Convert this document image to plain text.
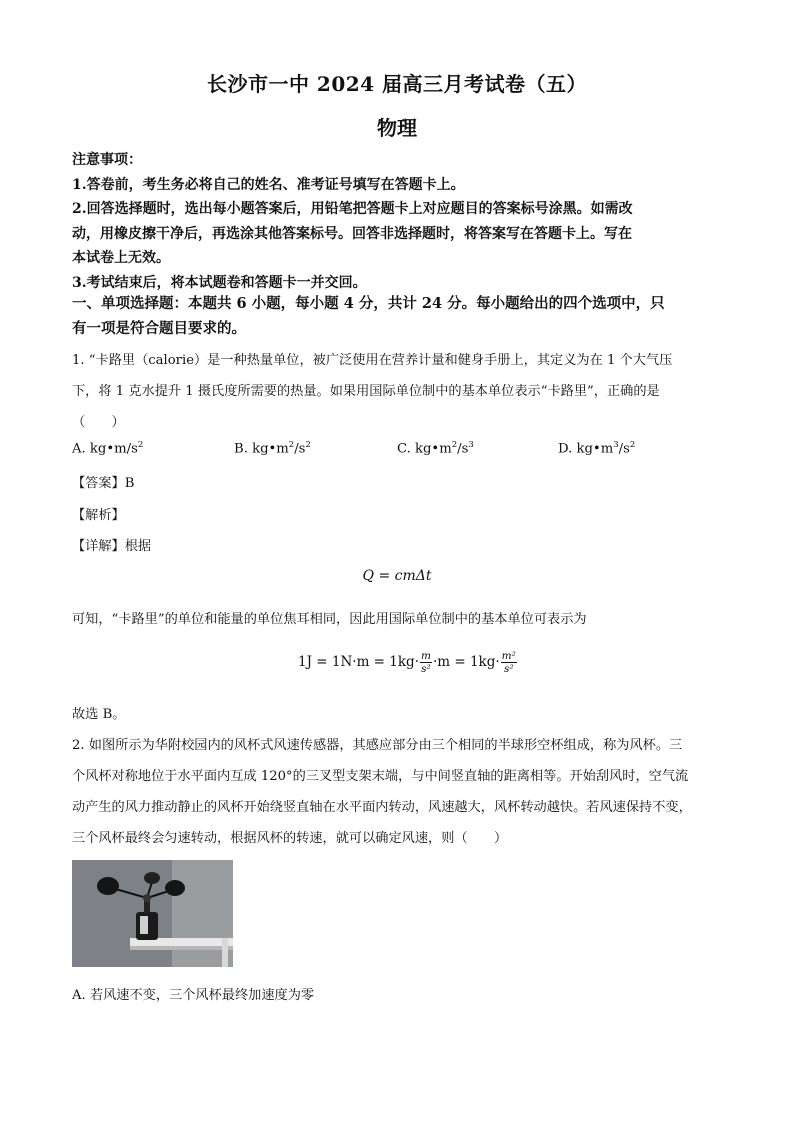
长沙市一中 2024 届高三月考试卷（五）
物理

注意事项：

1.答卷前，考生务必将自己的姓名、准考证号填写在答题卡上。

2.回答选择题时，选出每小题答案后，用铅笔把答题卡上对应题目的答案标号涂黑。如需改

动，用橡皮擦干净后，再选涂其他答案标号。回答非选择题时，将答案写在答题卡上。写在

本试卷上无效。

3.考试结束后，将本试题卷和答题卡一并交回。

一、单项选择题：本题共 6 小题，每小题 4 分，共计 24 分。每小题给出的四个选项中，只

有一项是符合题目要求的。

1. “卡路里（calorie）是一种热量单位，被广泛使用在营养计量和健身手册上，其定义为在 1 个大气压

下，将 1 克水提升 1 摄氏度所需要的热量。如果用国际单位制中的基本单位表示“卡路里”，正确的是

（　　）

A. $kg•m/s^2$	B. $kg•m^2/s^2$	C. $kg•m^2/s^3$	D. $kg•m^3/s^2$
【答案】B
【解析】
【详解】根据
Q = cmΔt
可知，“卡路里”的单位和能量的单位焦耳相同，因此用国际单位制中的基本单位可表示为
$1J = 1N\cdot m = 1kg\cdot \frac{m}{\text{s²}} \cdot m = 1kg\cdot \frac{\text{m²}}{\text{s²}}$
故选 B。

2. 如图所示为华附校园内的风杯式风速传感器，其感应部分由三个相同的半球形空杯组成，称为风杯。三

个风杯对称地位于水平面内互成 120°的三叉型支架末端，与中间竖直轴的距离相等。开始刮风时，空气流

动产生的风力推动静止的风杯开始绕竖直轴在水平面内转动，风速越大，风杯转动越快。若风速保持不变，

三个风杯最终会匀速转动，根据风杯的转速，就可以确定风速，则（　　）

A. 若风速不变，三个风杯最终加速度为零
